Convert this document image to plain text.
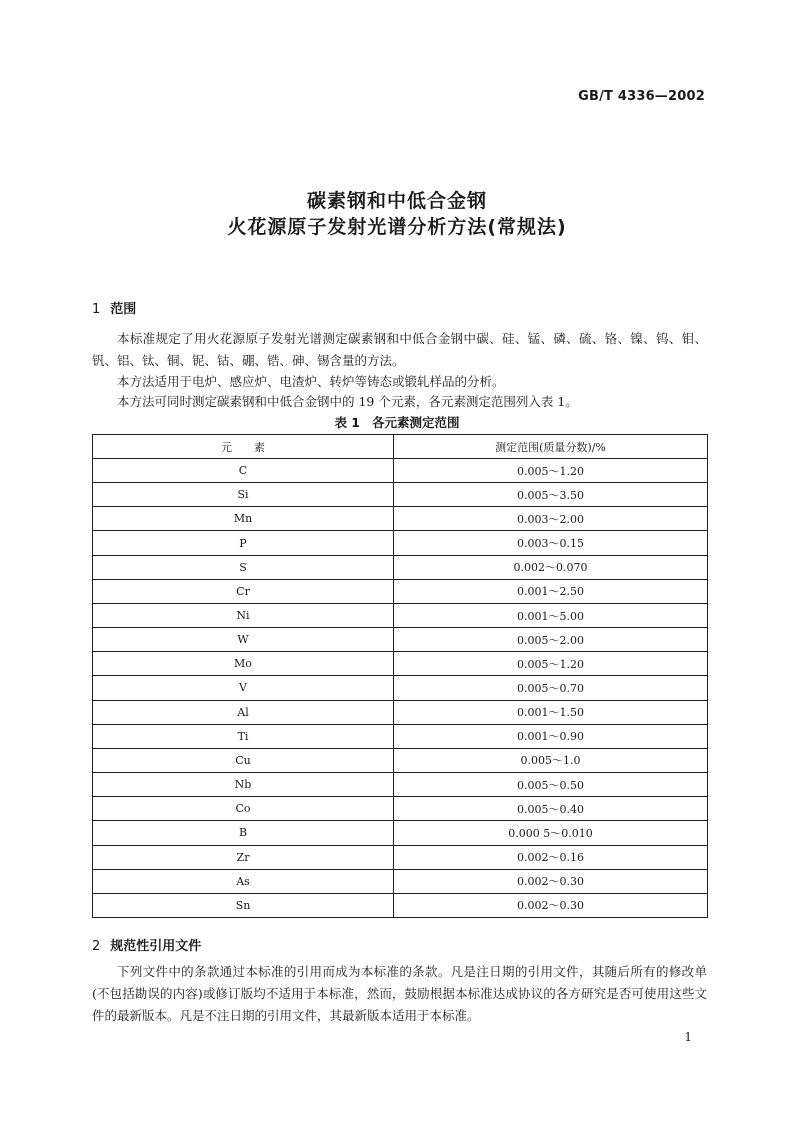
GB/T 4336—2002
碳素钢和中低合金钢
火花源原子发射光谱分析方法(常规法)
1 范围

本标准规定了用火花源原子发射光谱测定碳素钢和中低合金钢中碳、硅、锰、磷、硫、铬、镍、钨、钼、钒、铝、钛、铜、铌、钴、硼、锆、砷、锡含量的方法。

本方法适用于电炉、感应炉、电渣炉、转炉等铸态或锻轧样品的分析。

本方法可同时测定碳素钢和中低合金钢中的 19 个元素，各元素测定范围列入表 1。

表 1 各元素测定范围
元　　素	测定范围(质量分数)/%
C	0.005～1.20
Si	0.005～3.50
Mn	0.003～2.00
P	0.003～0.15
S	0.002～0.070
Cr	0.001～2.50
Ni	0.001～5.00
W	0.005～2.00
Mo	0.005～1.20
V	0.005～0.70
Al	0.001～1.50
Ti	0.001～0.90
Cu	0.005～1.0
Nb	0.005～0.50
Co	0.005～0.40
B	0.000 5～0.010
Zr	0.002～0.16
As	0.002～0.30
Sn	0.002～0.30
2 规范性引用文件

下列文件中的条款通过本标准的引用而成为本标准的条款。凡是注日期的引用文件，其随后所有的修改单(不包括勘误的内容)或修订版均不适用于本标准，然而，鼓励根据本标准达成协议的各方研究是否可使用这些文件的最新版本。凡是不注日期的引用文件，其最新版本适用于本标准。

1
